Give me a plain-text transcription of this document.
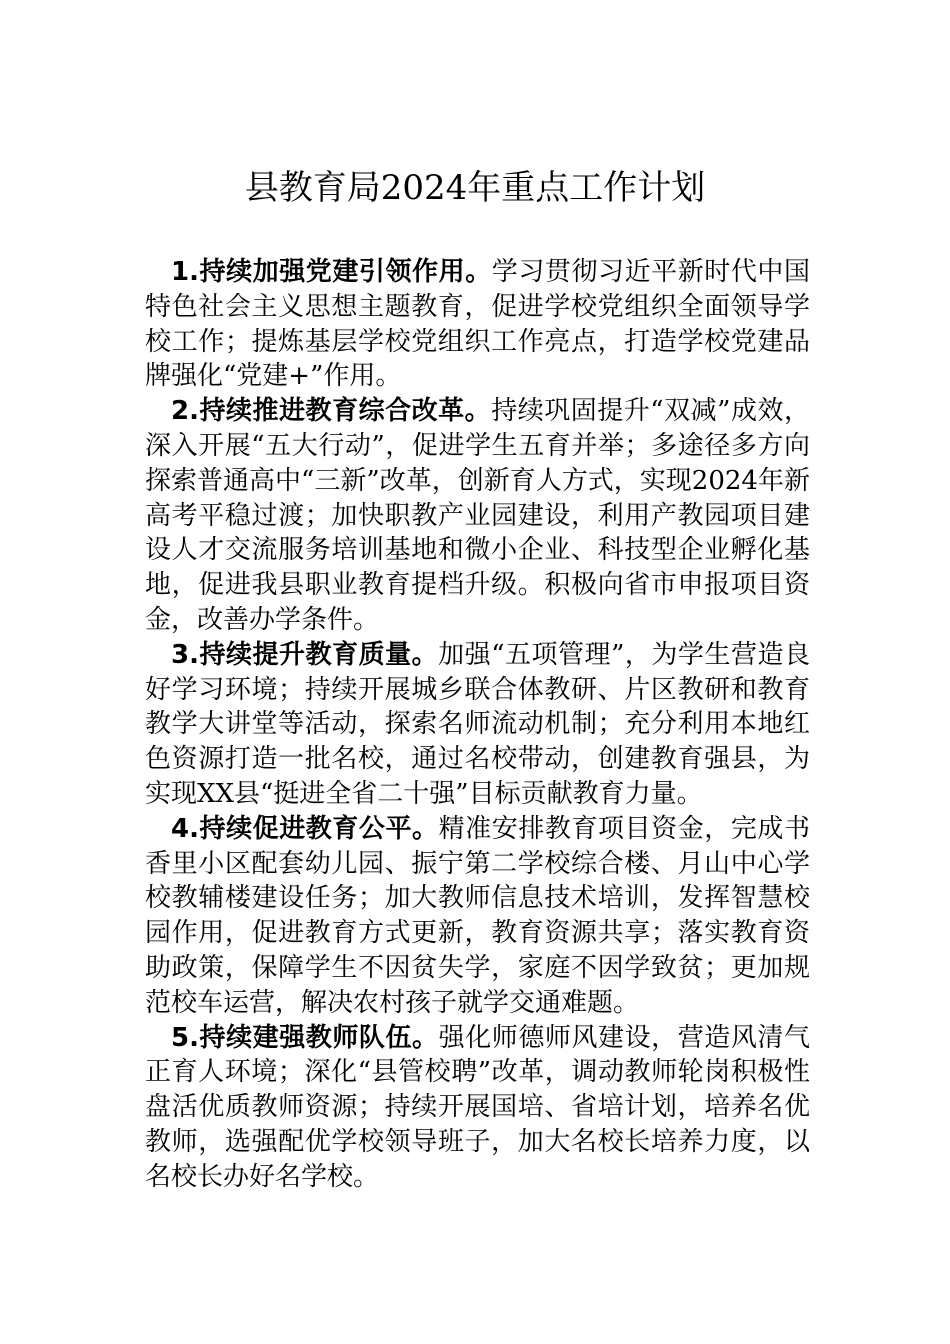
县教育局2024年重点工作计划

1.持续加强党建引领作用。学习贯彻习近平新时代中国特色社会主义思想主题教育，促进学校党组织全面领导学校工作；提炼基层学校党组织工作亮点，打造学校党建品牌强化“党建+”作用。

2.持续推进教育综合改革。持续巩固提升“双减”成效，深入开展“五大行动”，促进学生五育并举；多途径多方向探索普通高中“三新”改革，创新育人方式，实现2024年新高考平稳过渡；加快职教产业园建设，利用产教园项目建设人才交流服务培训基地和微小企业、科技型企业孵化基地，促进我县职业教育提档升级。积极向省市申报项目资金，改善办学条件。

3.持续提升教育质量。加强“五项管理”，为学生营造良好学习环境；持续开展城乡联合体教研、片区教研和教育教学大讲堂等活动，探索名师流动机制；充分利用本地红色资源打造一批名校，通过名校带动，创建教育强县，为实现XX县“挺进全省二十强”目标贡献教育力量。

4.持续促进教育公平。精准安排教育项目资金，完成书香里小区配套幼儿园、振宁第二学校综合楼、月山中心学校教辅楼建设任务；加大教师信息技术培训，发挥智慧校园作用，促进教育方式更新，教育资源共享；落实教育资助政策，保障学生不因贫失学，家庭不因学致贫；更加规范校车运营，解决农村孩子就学交通难题。

5.持续建强教师队伍。强化师德师风建设，营造风清气正育人环境；深化“县管校聘”改革，调动教师轮岗积极性盘活优质教师资源；持续开展国培、省培计划，培养名优教师，选强配优学校领导班子，加大名校长培养力度，以名校长办好名学校。
